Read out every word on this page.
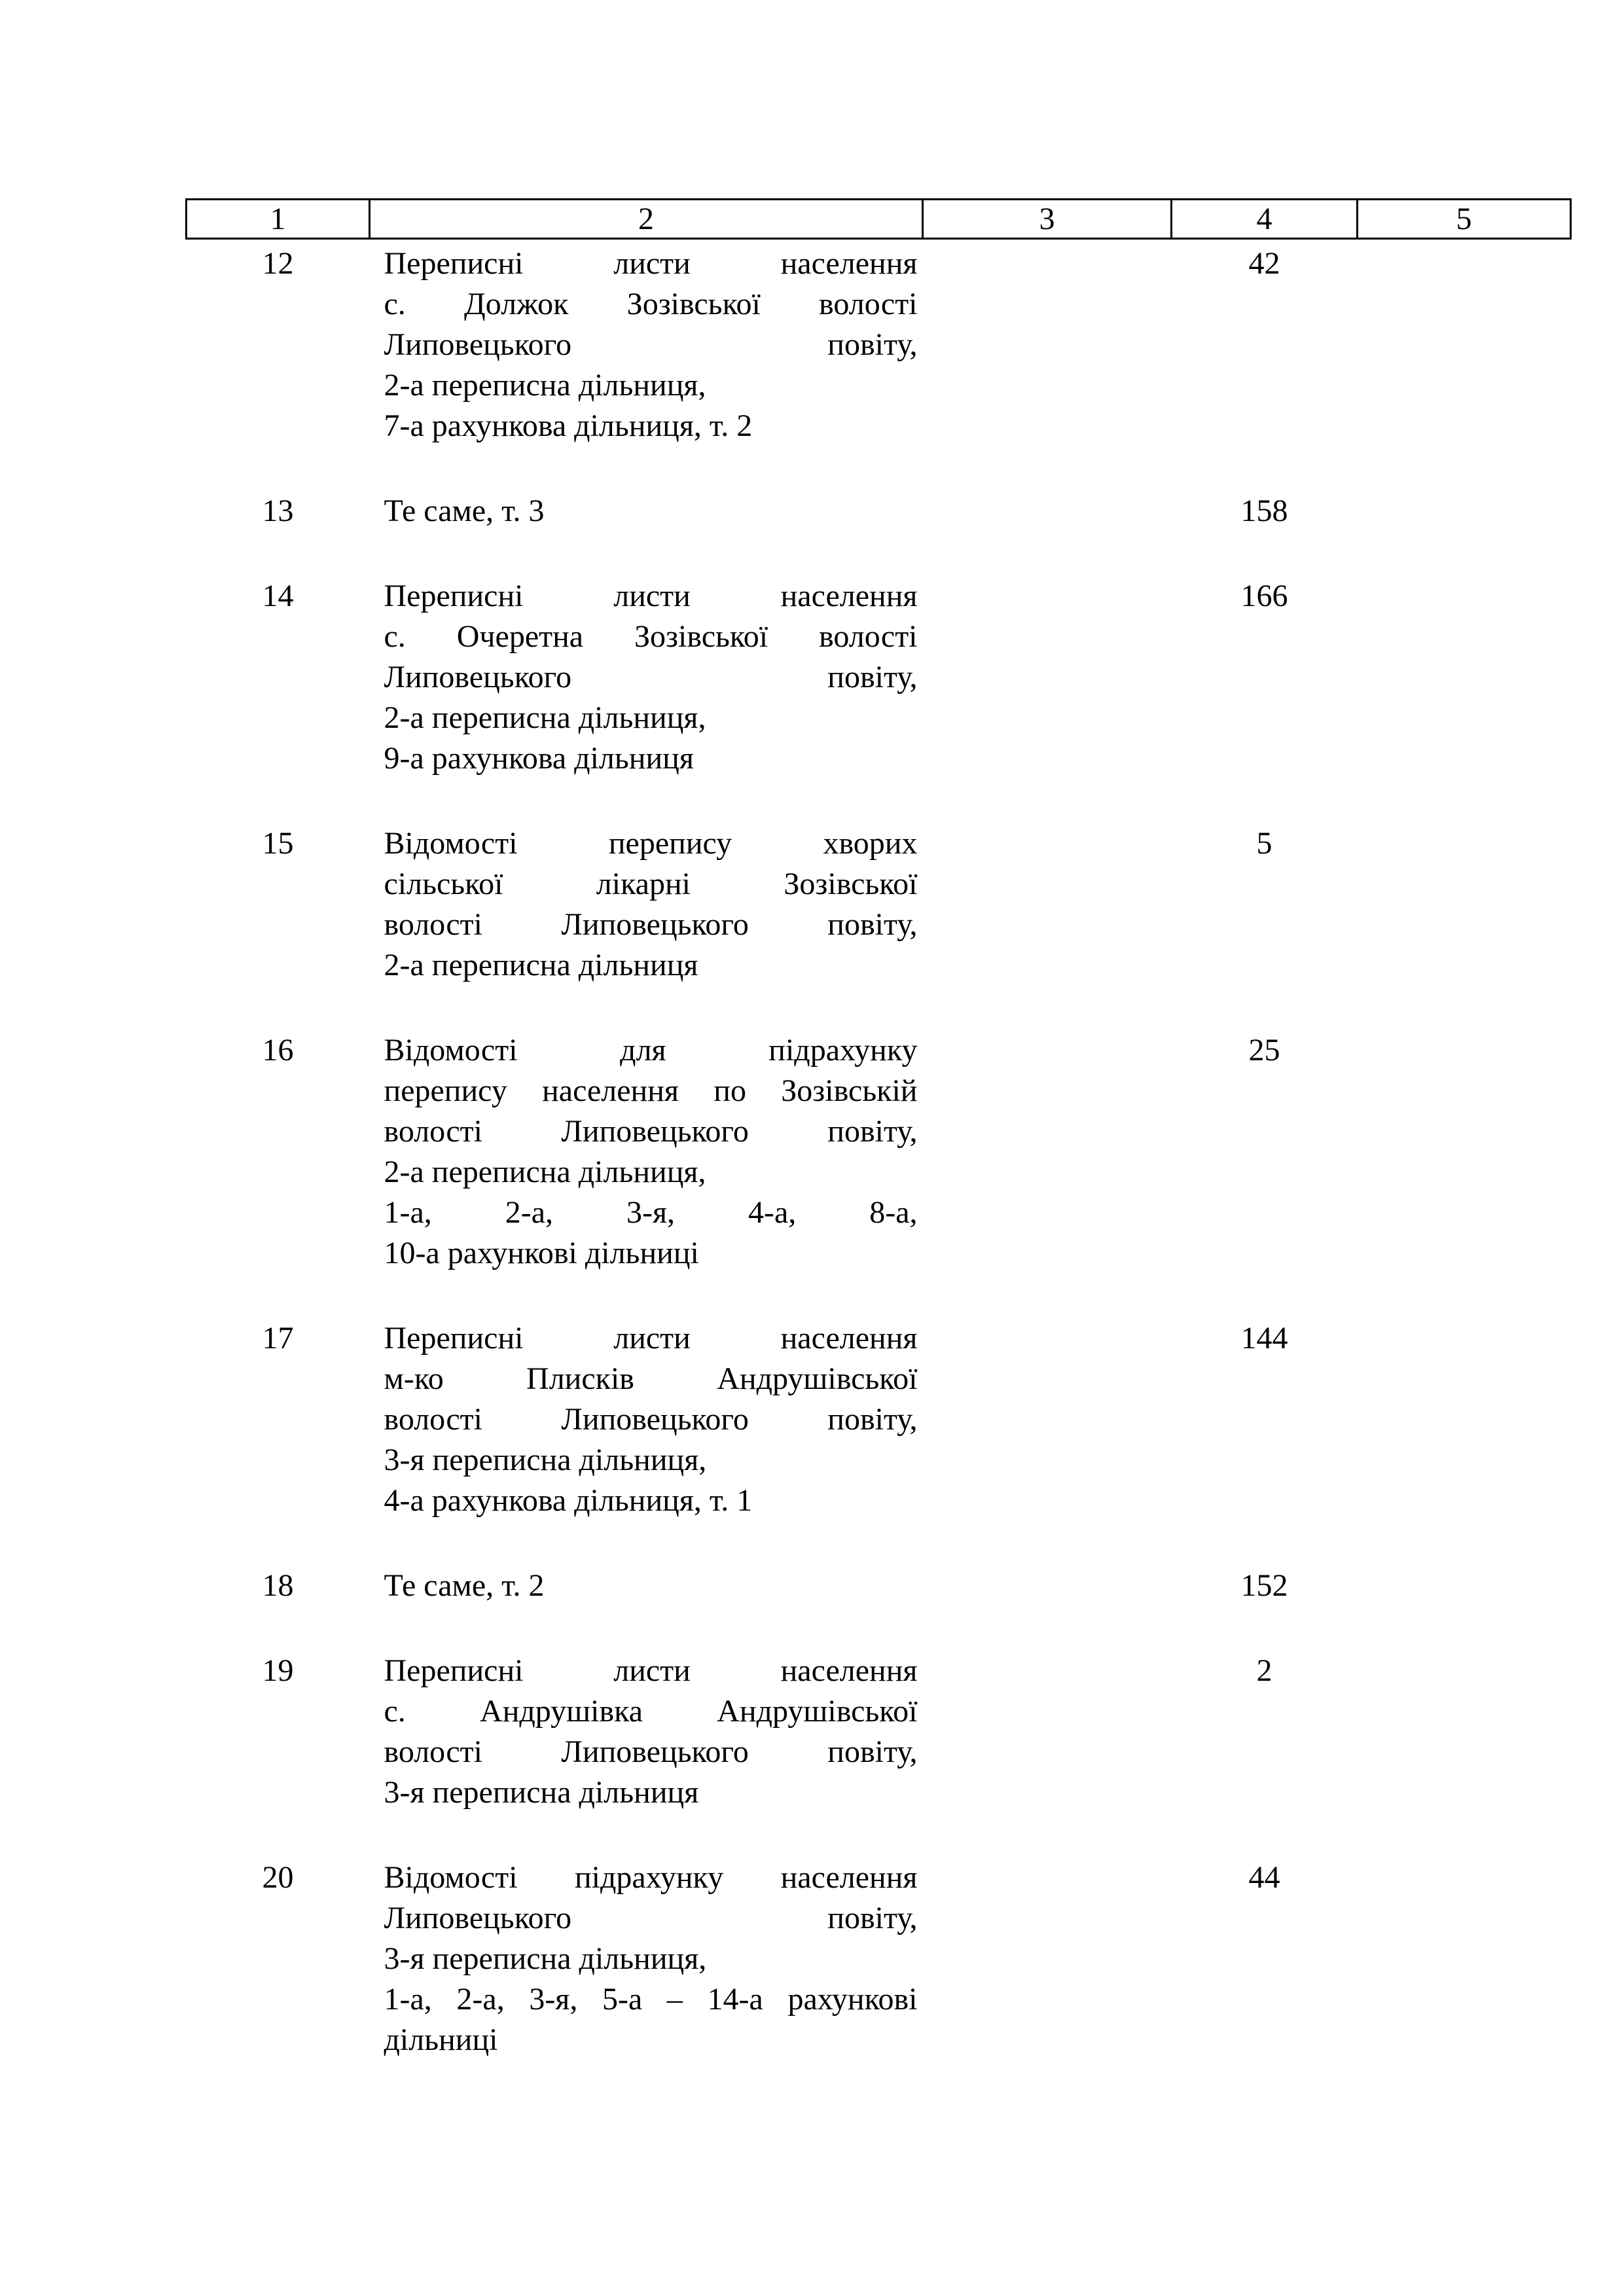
1	2	3	4	5
12	Переписні листи населення
с. Должок Зозівської волості
Липовецького повіту,
2-а переписна дільниця,
7-а рахункова дільниця, т. 2		42	
13	Те саме, т. 3		158	
14	Переписні листи населення
с. Очеретна Зозівської волості
Липовецького повіту,
2-а переписна дільниця,
9-а рахункова дільниця		166	
15	Відомості перепису хворих
сільської лікарні Зозівської
волості Липовецького повіту,
2-а переписна дільниця		5	
16	Відомості для підрахунку
перепису населення по Зозівській
волості Липовецького повіту,
2-а переписна дільниця,
1-а, 2-а, 3-я, 4-а, 8-а,
10-а рахункові дільниці
		25	
17	Переписні листи населення
м-ко Плисків Андрушівської
волості Липовецького повіту,
3-я переписна дільниця,
4-а рахункова дільниця, т. 1		144	
18	Те саме, т. 2		152	
19	Переписні листи населення
с. Андрушівка Андрушівської
волості Липовецького повіту,
3-я переписна дільниця		2	
20	Відомості підрахунку населення
Липовецького повіту,
3-я переписна дільниця,
1-а, 2-а, 3-я, 5-а – 14-а рахункові
дільниці		44	
